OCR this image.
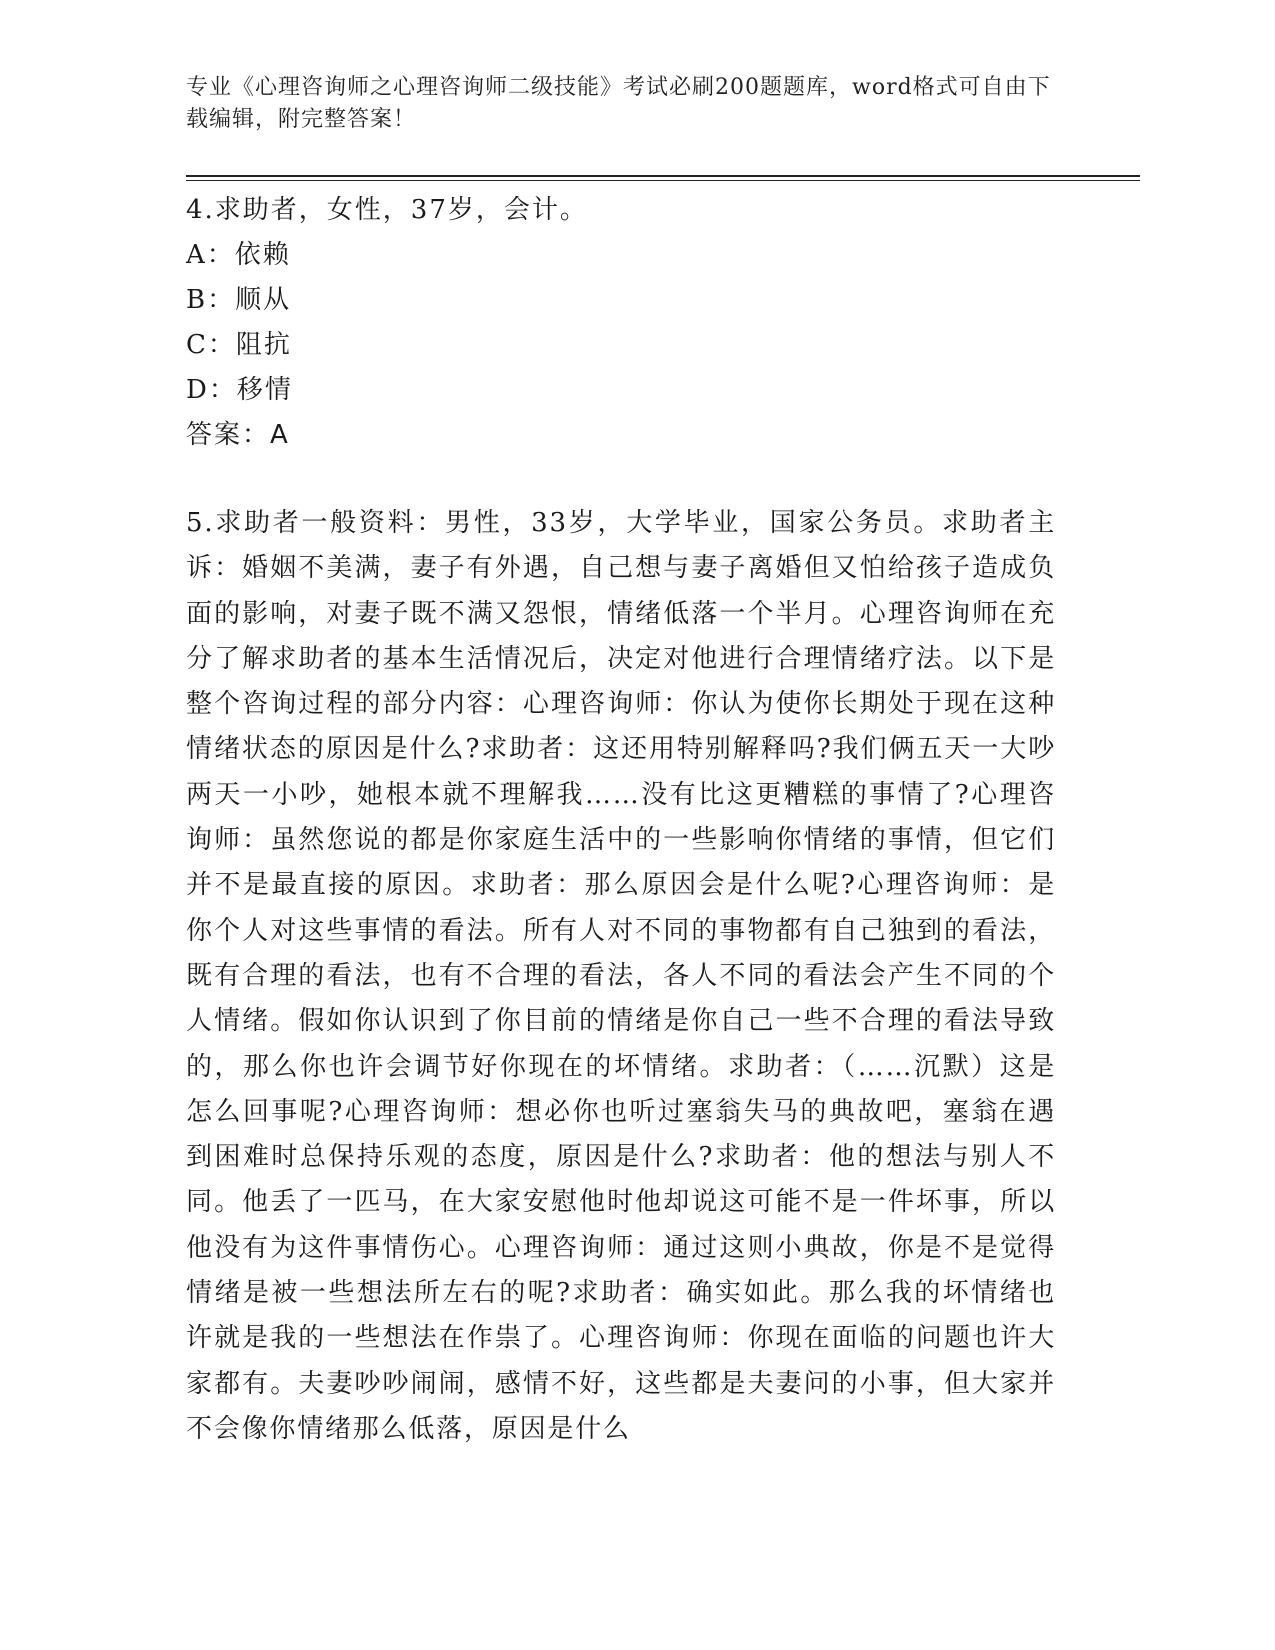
专业《心理咨询师之心理咨询师二级技能》考试必刷200题题库，word格式可自由下载编辑，附完整答案！
4.求助者，女性，37岁，会计。
A：依赖
B：顺从
C：阻抗
D：移情
答案：A
5.求助者一般资料：男性，33岁，大学毕业，国家公务员。求助者主诉：婚姻不美满，妻子有外遇，自己想与妻子离婚但又怕给孩子造成负面的影响，对妻子既不满又怨恨，情绪低落一个半月。心理咨询师在充分了解求助者的基本生活情况后，决定对他进行合理情绪疗法。以下是整个咨询过程的部分内容：心理咨询师：你认为使你长期处于现在这种情绪状态的原因是什么?求助者：这还用特别解释吗?我们俩五天一大吵两天一小吵，她根本就不理解我……没有比这更糟糕的事情了?心理咨询师：虽然您说的都是你家庭生活中的一些影响你情绪的事情，但它们并不是最直接的原因。求助者：那么原因会是什么呢?心理咨询师：是你个人对这些事情的看法。所有人对不同的事物都有自己独到的看法，既有合理的看法，也有不合理的看法，各人不同的看法会产生不同的个人情绪。假如你认识到了你目前的情绪是你自己一些不合理的看法导致的，那么你也许会调节好你现在的坏情绪。求助者：（……沉默）这是怎么回事呢?心理咨询师：想必你也听过塞翁失马的典故吧，塞翁在遇到困难时总保持乐观的态度，原因是什么?求助者：他的想法与别人不同。他丢了一匹马，在大家安慰他时他却说这可能不是一件坏事，所以他没有为这件事情伤心。心理咨询师：通过这则小典故，你是不是觉得情绪是被一些想法所左右的呢?求助者：确实如此。那么我的坏情绪也许就是我的一些想法在作祟了。心理咨询师：你现在面临的问题也许大家都有。夫妻吵吵闹闹，感情不好，这些都是夫妻问的小事，但大家并不会像你情绪那么低落，原因是什么
